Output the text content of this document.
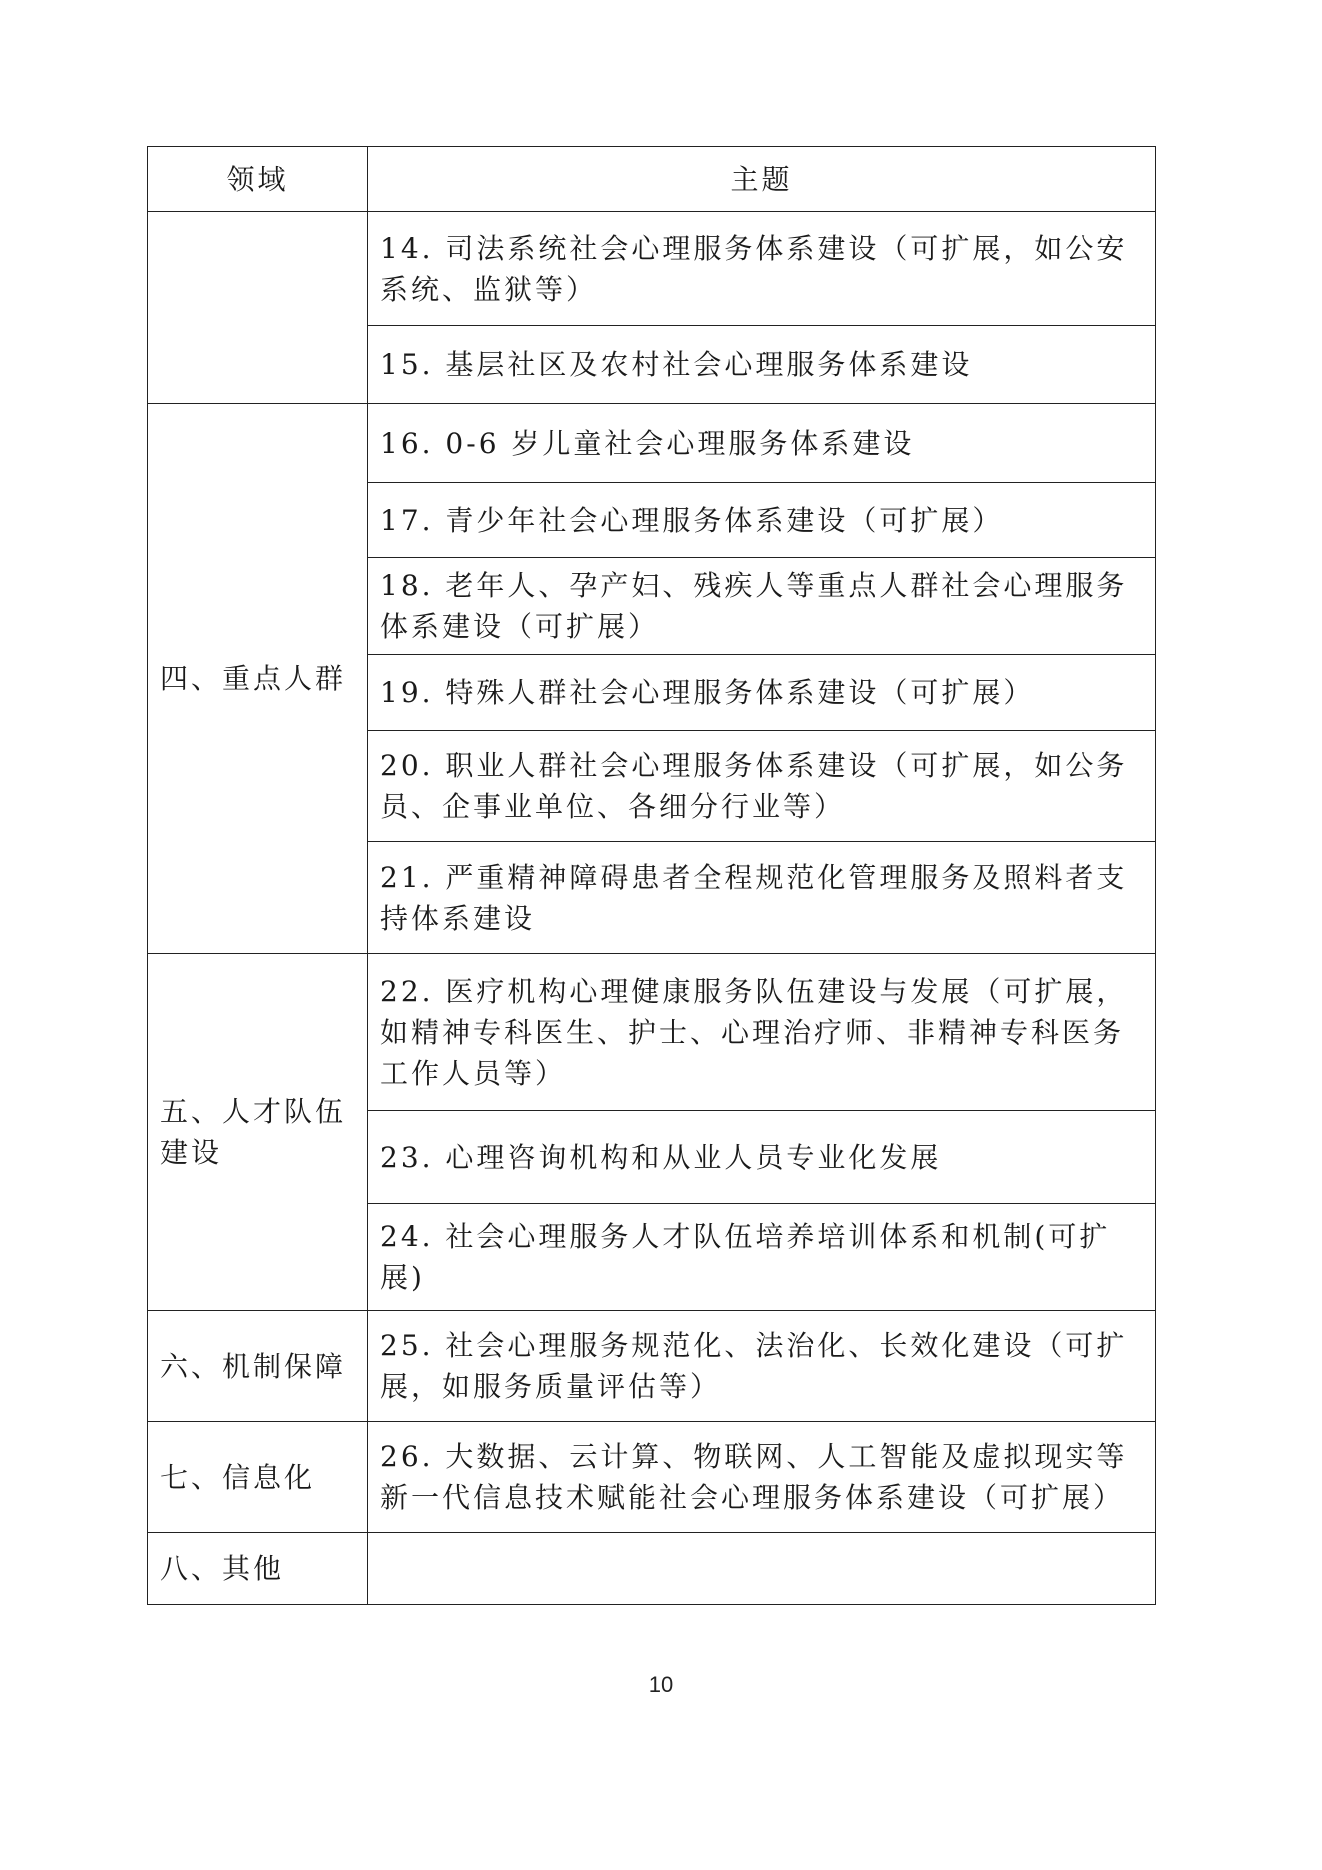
领域	主题
	14. 司法系统社会心理服务体系建设（可扩展，如公安系统、监狱等）
	15. 基层社区及农村社会心理服务体系建设
四、重点人群	16. 0-6 岁儿童社会心理服务体系建设
	17. 青少年社会心理服务体系建设（可扩展）
	18. 老年人、孕产妇、残疾人等重点人群社会心理服务体系建设（可扩展）
	19. 特殊人群社会心理服务体系建设（可扩展）
	20. 职业人群社会心理服务体系建设（可扩展，如公务员、企事业单位、各细分行业等）
	21. 严重精神障碍患者全程规范化管理服务及照料者支持体系建设
五、人才队伍建设	22. 医疗机构心理健康服务队伍建设与发展（可扩展，如精神专科医生、护士、心理治疗师、非精神专科医务工作人员等）
	23. 心理咨询机构和从业人员专业化发展
	24. 社会心理服务人才队伍培养培训体系和机制(可扩展)
六、机制保障	25. 社会心理服务规范化、法治化、长效化建设（可扩展，如服务质量评估等）
七、信息化	26. 大数据、云计算、物联网、人工智能及虚拟现实等新一代信息技术赋能社会心理服务体系建设（可扩展）
八、其他	
10
